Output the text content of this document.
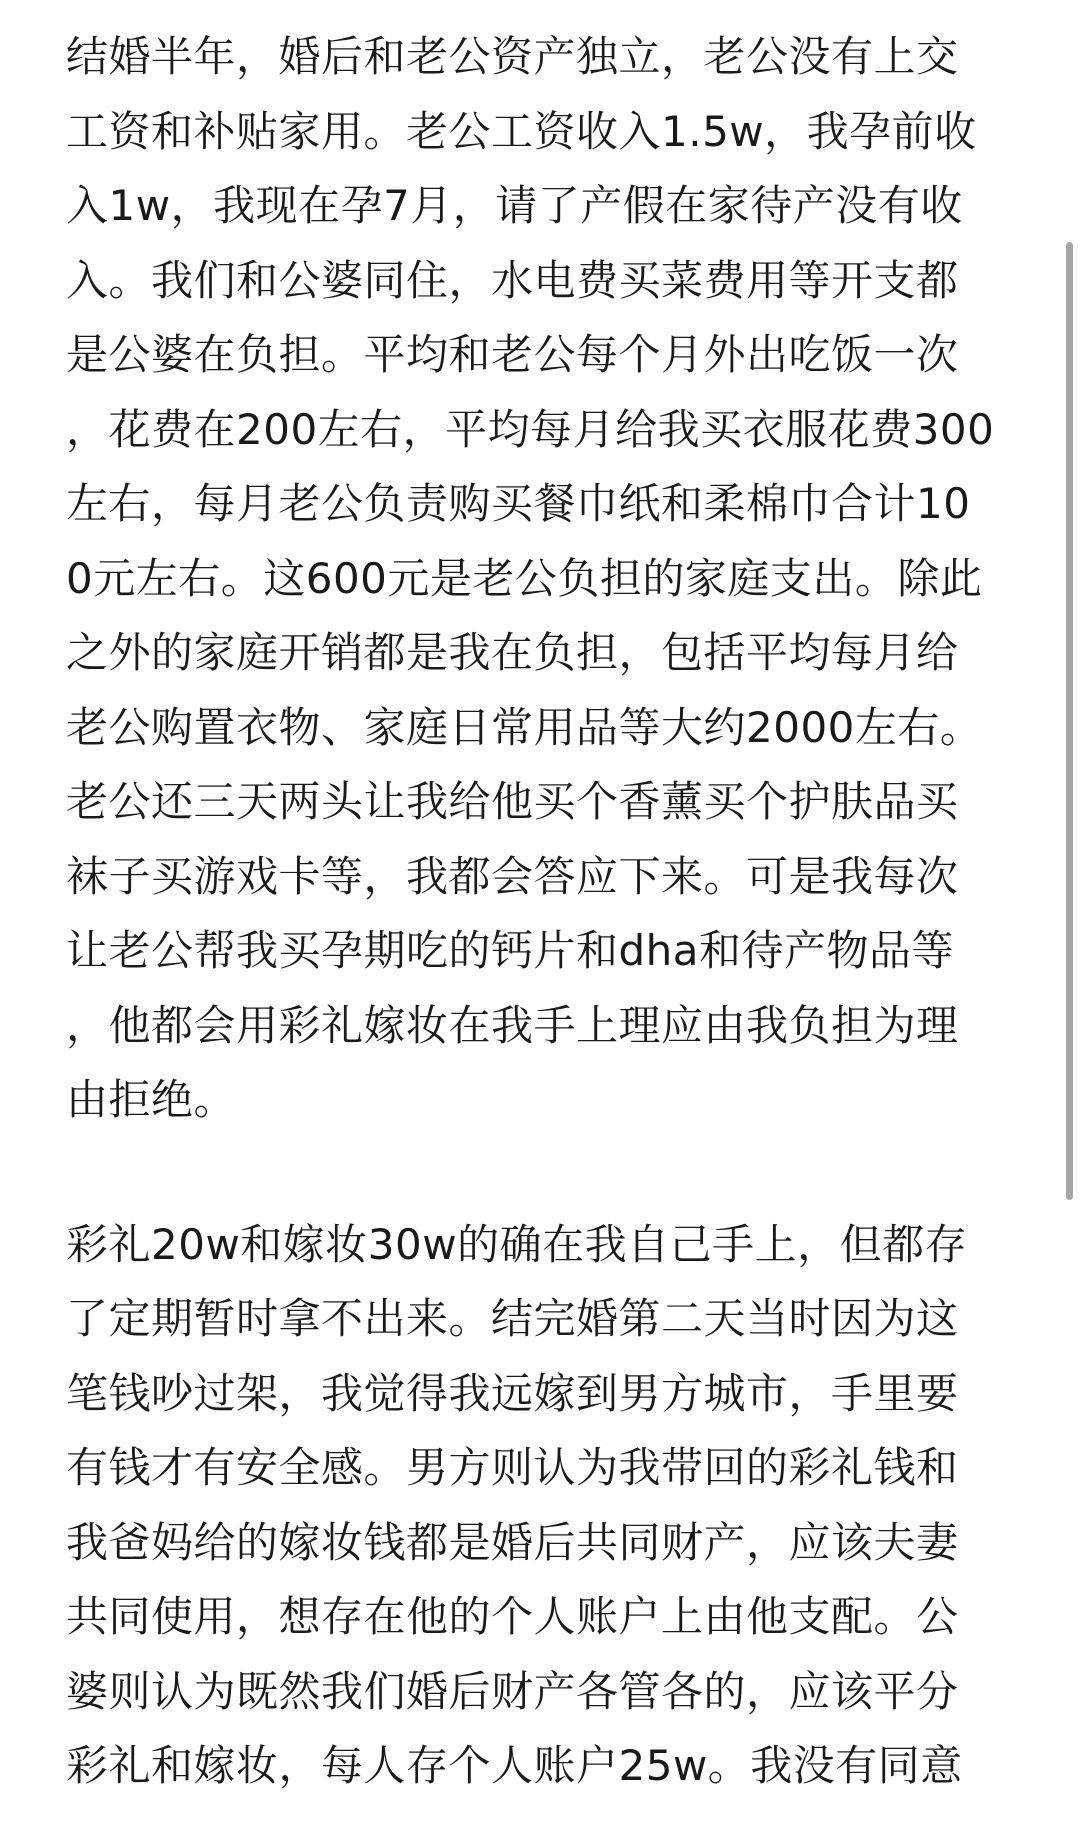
结婚半年，婚后和老公资产独立，老公没有上交
工资和补贴家用。老公工资收入1.5w，我孕前收
入1w，我现在孕7月，请了产假在家待产没有收
入。我们和公婆同住，水电费买菜费用等开支都
是公婆在负担。平均和老公每个月外出吃饭一次
，花费在200左右，平均每月给我买衣服花费300
左右，每月老公负责购买餐巾纸和柔棉巾合计10
0元左右。这600元是老公负担的家庭支出。除此
之外的家庭开销都是我在负担，包括平均每月给
老公购置衣物、家庭日常用品等大约2000左右。
老公还三天两头让我给他买个香薰买个护肤品买
袜子买游戏卡等，我都会答应下来。可是我每次
让老公帮我买孕期吃的钙片和dha和待产物品等
，他都会用彩礼嫁妆在我手上理应由我负担为理
由拒绝。
彩礼20w和嫁妆30w的确在我自己手上，但都存
了定期暂时拿不出来。结完婚第二天当时因为这
笔钱吵过架，我觉得我远嫁到男方城市，手里要
有钱才有安全感。男方则认为我带回的彩礼钱和
我爸妈给的嫁妆钱都是婚后共同财产，应该夫妻
共同使用，想存在他的个人账户上由他支配。公
婆则认为既然我们婚后财产各管各的，应该平分
彩礼和嫁妆，每人存个人账户25w。我没有同意
